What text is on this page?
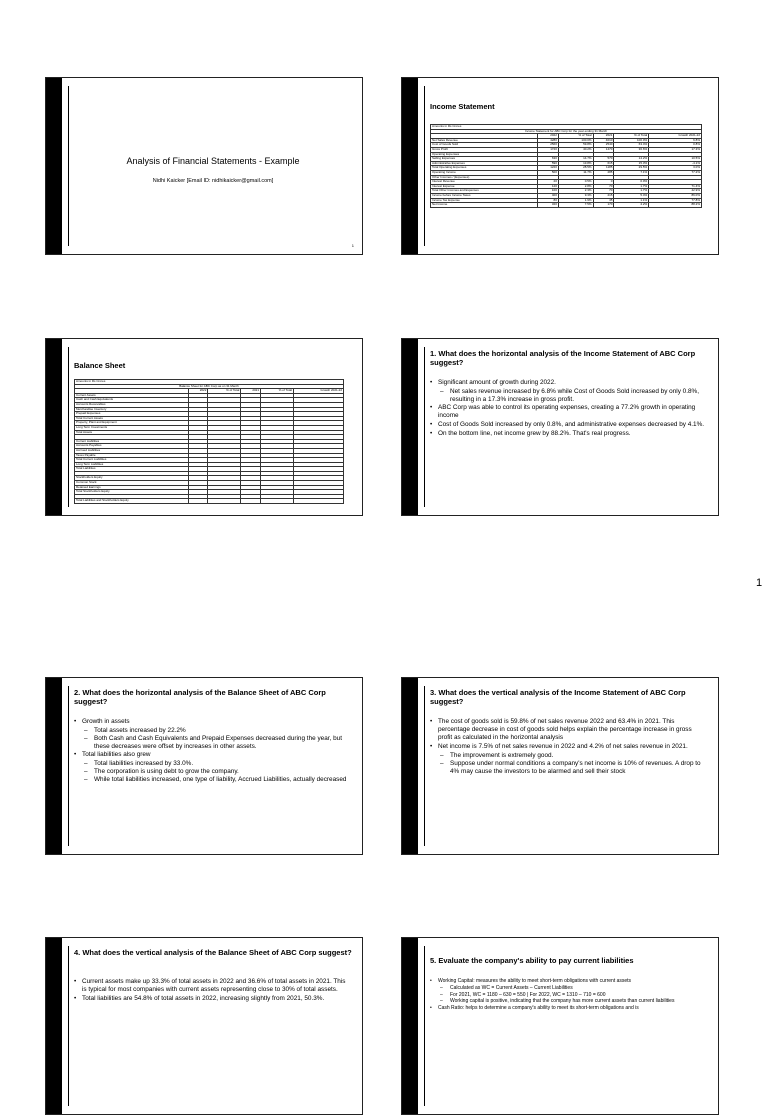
Analysis of Financial Statements - Example
Nidhi Kaicker [Email ID: nidhikaicker@gmail.com]
1
Income Statement
Amounts in Rs Crores					
Income Statement for ABC Corp for the year ending 31 March					
	2022	% of Total	2021	% of Total	Growth 2021-22
Net Sales Revenue	4280	100.0%	4010	100.0%	6.8%
Cost of Goods Sold	2560	59.8%	2540	63.4%	0.8%
Gross Profit	1720	40.2%	1470	36.6%	17.3%
Operating Expenses					
Selling Expenses	630	14.7%	570	14.2%	10.5%
Administrative Expenses	590	13.8%	615	15.3%	-4.1%
Total Operating Expenses	1220	28.5%	1185	29.5%	3.0%
Operating Income	500	11.7%	285	7.1%	77.2%
Other Incomes / (Expenses)					
Interest Revenue	20	0.5%	0	0.0%	
Interest Expense	120	2.8%	70	1.7%	71.4%
Total Other Incomes and Expenses	100	2.3%	70	1.7%	42.9%
Income before Income Taxes	400	9.3%	215	5.4%	86.0%
Income Tax Expense	80	1.9%	45	1.1%	77.8%
Net Income	320	7.5%	170	4.2%	88.2%
Balance Sheet
Amounts in Rs Crores					
Balance Sheet for ABC Corp as on 31 March					
	2022	% of Total	2021	% of Total	Growth 2021-22
Current Assets					
Cash and Cash Equivalents					
Accounts Receivables					
Merchandise Inventory					
Prepaid Expenses					
Total Current Assets					
Property, Plant and Equipment					
Long Term Investments					
Total Assets					

Current Liabilities					
Accounts Payables					
Accrued Liabilities					
Taxes Payable					
Total Current Liabilities					
Long Term Liabilities					
Total Liabilities					

Stockholders Equity					
Common Stock					
Retained Earnings					
Total Stockholders Equity					

Total Liabilities and Stockholders Equity					
1. What does the horizontal analysis of the Income Statement of ABC Corp suggest?
• Significant amount of growth during 2022.
– Net sales revenue increased by 6.8% while Cost of Goods Sold increased by only 0.8%, resulting in a 17.3% increase in gross profit.
• ABC Corp was able to control its operating expenses, creating a 77.2% growth in operating income
• Cost of Goods Sold increased by only 0.8%, and administrative expenses decreased by 4.1%.
• On the bottom line, net income grew by 88.2%. That's real progress.
1
2. What does the horizontal analysis of the Balance Sheet of ABC Corp suggest?
• Growth in assets
– Total assets increased by 22.2%
– Both Cash and Cash Equivalents and Prepaid Expenses decreased during the year, but these decreases were offset by increases in other assets.
• Total liabilities also grew
– Total liabilities increased by 33.0%.
– The corporation is using debt to grow the company.
– While total liabilities increased, one type of liability, Accrued Liabilities, actually decreased
3. What does the vertical analysis of the Income Statement of ABC Corp suggest?
• The cost of goods sold is 59.8% of net sales revenue 2022 and 63.4% in 2021. This percentage decrease in cost of goods sold helps explain the percentage increase in gross profit as calculated in the horizontal analysis
• Net income is 7.5% of net sales revenue in 2022 and 4.2% of net sales revenue in 2021.
– The improvement is extremely good.
– Suppose under normal conditions a company's net income is 10% of revenues. A drop to 4% may cause the investors to be alarmed and sell their stock
4. What does the vertical analysis of the Balance Sheet of ABC Corp suggest?
• Current assets make up 33.3% of total assets in 2022 and 36.6% of total assets in 2021. This is typical for most companies with current assets representing close to 30% of total assets.
• Total liabilities are 54.8% of total assets in 2022, increasing slightly from 2021, 50.3%.
5. Evaluate the company's ability to pay current liabilities
• Working Capital: measures the ability to meet short-term obligations with current assets
– Calculated as WC = Current Assets – Current Liabilities
– For 2021, WC = 1180 – 630 = 550 | For 2022, WC = 1310 – 710 = 600
– Working capital is positive, indicating that the company has more current assets than current liabilities
• Cash Ratio: helps to determine a company's ability to meet its short-term obligations and is
